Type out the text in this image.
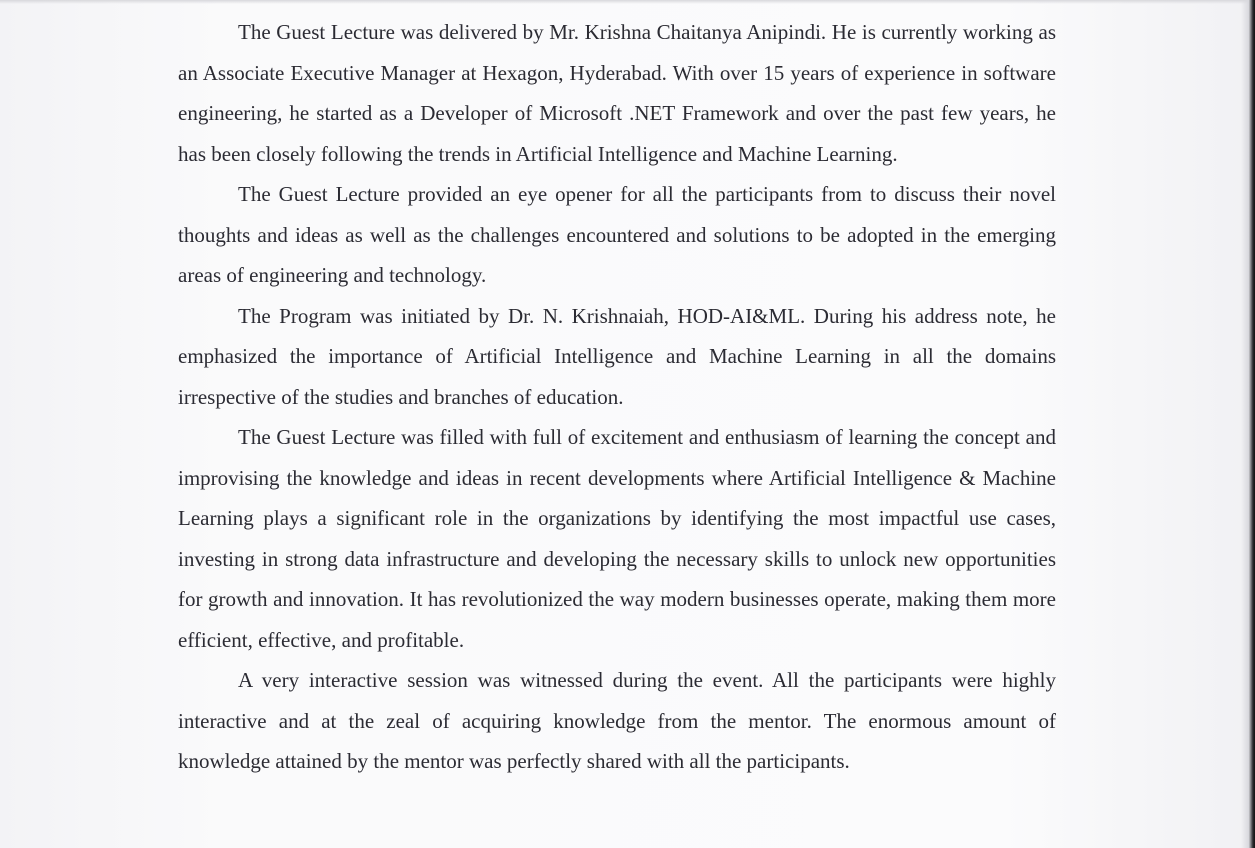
The Guest Lecture was delivered by Mr. Krishna Chaitanya Anipindi. He is currently working as an Associate Executive Manager at Hexagon, Hyderabad. With over 15 years of experience in software engineering, he started as a Developer of Microsoft .NET Framework and over the past few years, he has been closely following the trends in Artificial Intelligence and Machine Learning.

The Guest Lecture provided an eye opener for all the participants from to discuss their novel thoughts and ideas as well as the challenges encountered and solutions to be adopted in the emerging areas of engineering and technology.

The Program was initiated by Dr. N. Krishnaiah, HOD-AI&ML. During his address note, he emphasized the importance of Artificial Intelligence and Machine Learning in all the domains irrespective of the studies and branches of education.

The Guest Lecture was filled with full of excitement and enthusiasm of learning the concept and improvising the knowledge and ideas in recent developments where Artificial Intelligence & Machine Learning plays a significant role in the organizations by identifying the most impactful use cases, investing in strong data infrastructure and developing the necessary skills to unlock new opportunities for growth and innovation. It has revolutionized the way modern businesses operate, making them more efficient, effective, and profitable.

A very interactive session was witnessed during the event. All the participants were highly interactive and at the zeal of acquiring knowledge from the mentor. The enormous amount of knowledge attained by the mentor was perfectly shared with all the participants.
